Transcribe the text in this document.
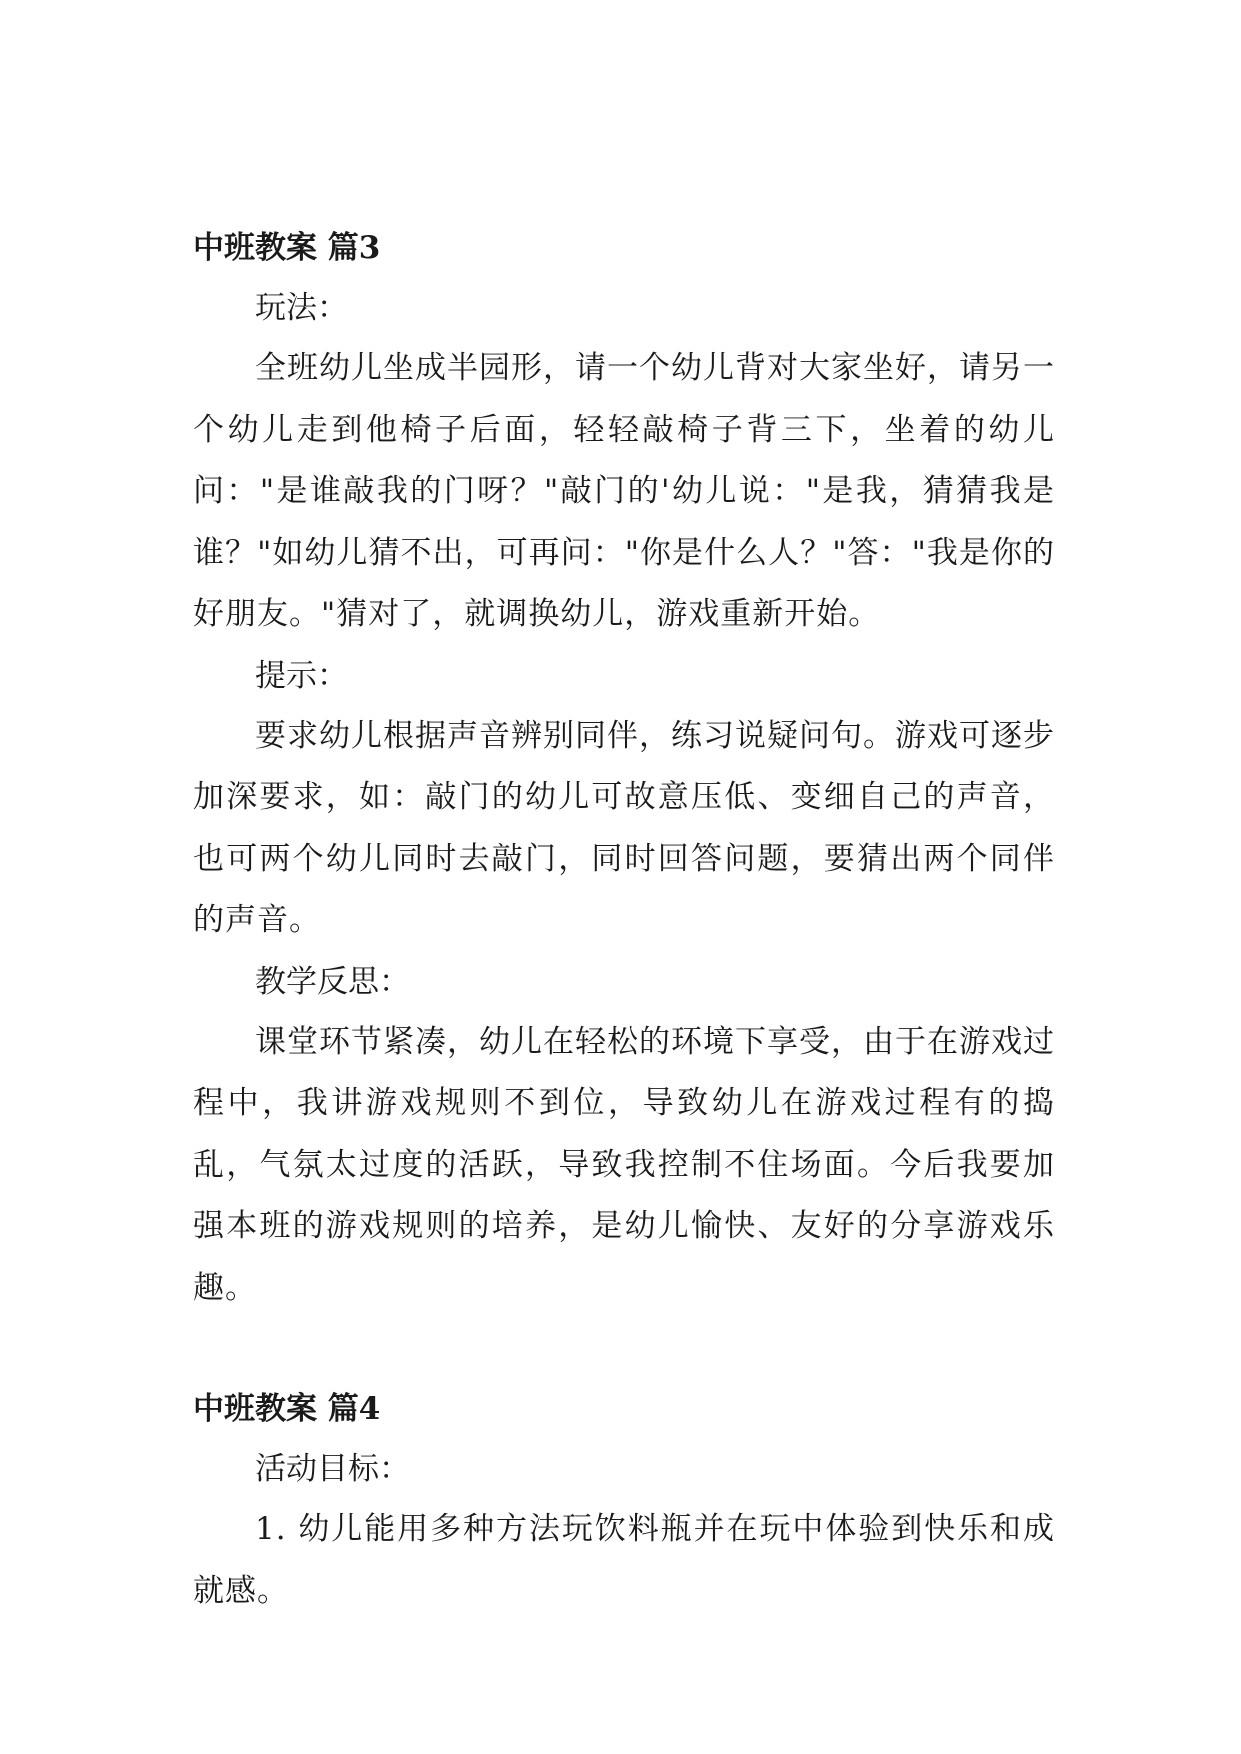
中班教案 篇3

玩法：

全班幼儿坐成半园形，请一个幼儿背对大家坐好，请另一个幼儿走到他椅子后面，轻轻敲椅子背三下，坐着的幼儿问："是谁敲我的门呀？"敲门的'幼儿说："是我，猜猜我是谁？"如幼儿猜不出，可再问："你是什么人？"答："我是你的好朋友。"猜对了，就调换幼儿，游戏重新开始。

提示：

要求幼儿根据声音辨别同伴，练习说疑问句。游戏可逐步加深要求，如：敲门的幼儿可故意压低、变细自己的声音，也可两个幼儿同时去敲门，同时回答问题，要猜出两个同伴的声音。

教学反思：

课堂环节紧凑，幼儿在轻松的环境下享受，由于在游戏过程中，我讲游戏规则不到位，导致幼儿在游戏过程有的捣乱，气氛太过度的活跃，导致我控制不住场面。今后我要加强本班的游戏规则的培养，是幼儿愉快、友好的分享游戏乐趣。

中班教案 篇4

活动目标：

1. 幼儿能用多种方法玩饮料瓶并在玩中体验到快乐和成就感。
